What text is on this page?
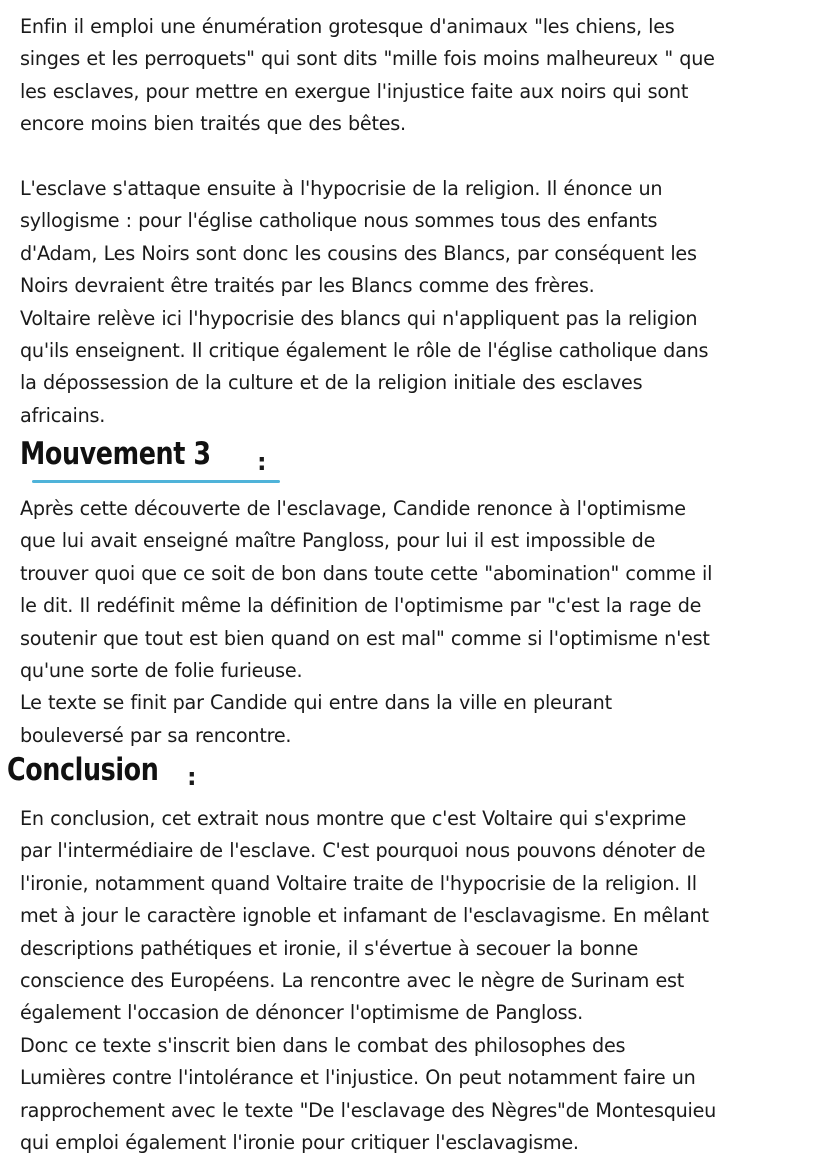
Enfin il emploi une énumération grotesque d'animaux "les chiens, les
singes et les perroquets" qui sont dits "mille fois moins malheureux " que
les esclaves, pour mettre en exergue l'injustice faite aux noirs qui sont
encore moins bien traités que des bêtes.

L'esclave s'attaque ensuite à l'hypocrisie de la religion. Il énonce un
syllogisme : pour l'église catholique nous sommes tous des enfants
d'Adam, Les Noirs sont donc les cousins des Blancs, par conséquent les
Noirs devraient être traités par les Blancs comme des frères.
Voltaire relève ici l'hypocrisie des blancs qui n'appliquent pas la religion
qu'ils enseignent. Il critique également le rôle de l'église catholique dans
la dépossession de la culture et de la religion initiale des esclaves
africains.

Après cette découverte de l'esclavage, Candide renonce à l'optimisme
que lui avait enseigné maître Pangloss, pour lui il est impossible de
trouver quoi que ce soit de bon dans toute cette "abomination" comme il
le dit. Il redéfinit même la définition de l'optimisme par "c'est la rage de
soutenir que tout est bien quand on est mal" comme si l'optimisme n'est
qu'une sorte de folie furieuse.
Le texte se finit par Candide qui entre dans la ville en pleurant
bouleversé par sa rencontre.

En conclusion, cet extrait nous montre que c'est Voltaire qui s'exprime
par l'intermédiaire de l'esclave. C'est pourquoi nous pouvons dénoter de
l'ironie, notamment quand Voltaire traite de l'hypocrisie de la religion. Il
met à jour le caractère ignoble et infamant de l'esclavagisme. En mêlant
descriptions pathétiques et ironie, il s'évertue à secouer la bonne
conscience des Européens. La rencontre avec le nègre de Surinam est
également l'occasion de dénoncer l'optimisme de Pangloss.
Donc ce texte s'inscrit bien dans le combat des philosophes des
Lumières contre l'intolérance et l'injustice. On peut notamment faire un
rapprochement avec le texte "De l'esclavage des Nègres"de Montesquieu
qui emploi également l'ironie pour critiquer l'esclavagisme.

Mouvement 3 :
Conclusion :
